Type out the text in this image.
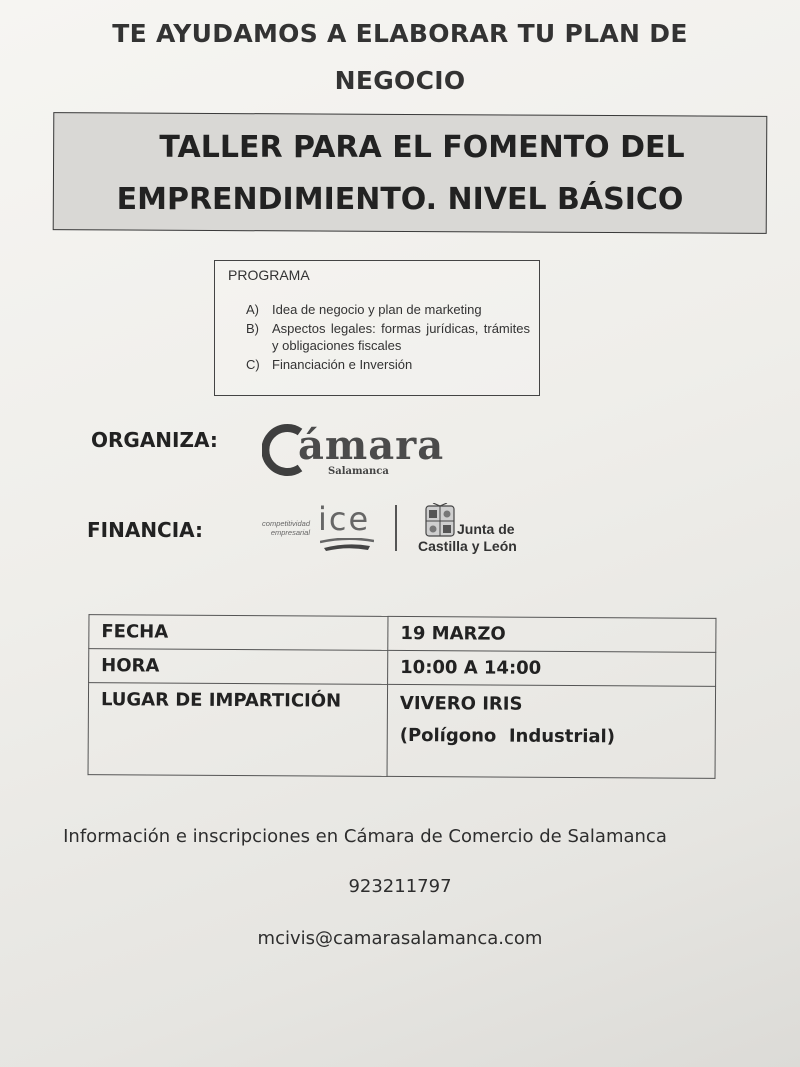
TE AYUDAMOS A ELABORAR TU PLAN DE
NEGOCIO
TALLER PARA EL FOMENTO DEL
EMPRENDIMIENTO. NIVEL BÁSICO
PROGRAMA
A)	Idea de negocio y plan de marketing
B)	Aspectos legales: formas jurídicas, trámites y obligaciones fiscales
C) Financiación e Inversión
ORGANIZA: ámara
Salamanca
FINANCIA:	competitividad
empresarial ice	Junta de
Castilla y León
FECHA	19 MARZO
HORA	10:00 A 14:00
LUGAR DE IMPARTICIÓN	VIVERO IRIS
(Polígono  Industrial)
Información e inscripciones en Cámara de Comercio de Salamanca
923211797
mcivis@camarasalamanca.com
